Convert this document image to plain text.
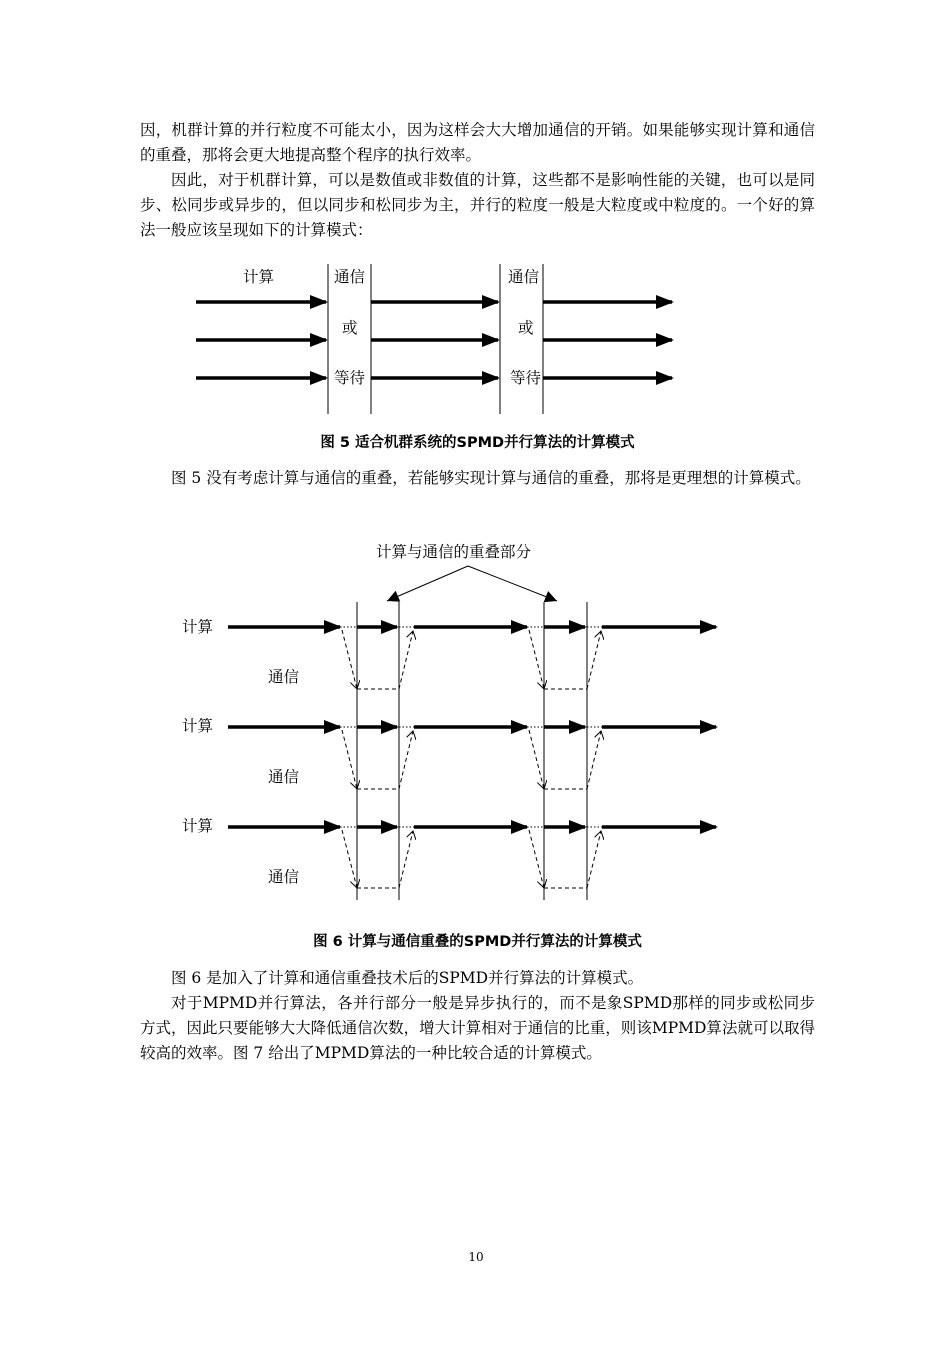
因，机群计算的并行粒度不可能太小，因为这样会大大增加通信的开销。如果能够实现计算和通信的重叠，那将会更大地提高整个程序的执行效率。

因此，对于机群计算，可以是数值或非数值的计算，这些都不是影响性能的关键，也可以是同步、松同步或异步的，但以同步和松同步为主，并行的粒度一般是大粒度或中粒度的。一个好的算法一般应该呈现如下的计算模式：

计算	通信
或
等待
通信
或
等待

图 5 适合机群系统的SPMD并行算法的计算模式

图 5 没有考虑计算与通信的重叠，若能够实现计算与通信的重叠，那将是更理想的计算模式。

计算与通信的重叠部分
计算
通信
计算
通信
计算
通信

图 6 计算与通信重叠的SPMD并行算法的计算模式

图 6 是加入了计算和通信重叠技术后的SPMD并行算法的计算模式。

对于MPMD并行算法，各并行部分一般是异步执行的，而不是象SPMD那样的同步或松同步方式，因此只要能够大大降低通信次数，增大计算相对于通信的比重，则该MPMD算法就可以取得较高的效率。图 7 给出了MPMD算法的一种比较合适的计算模式。

10
